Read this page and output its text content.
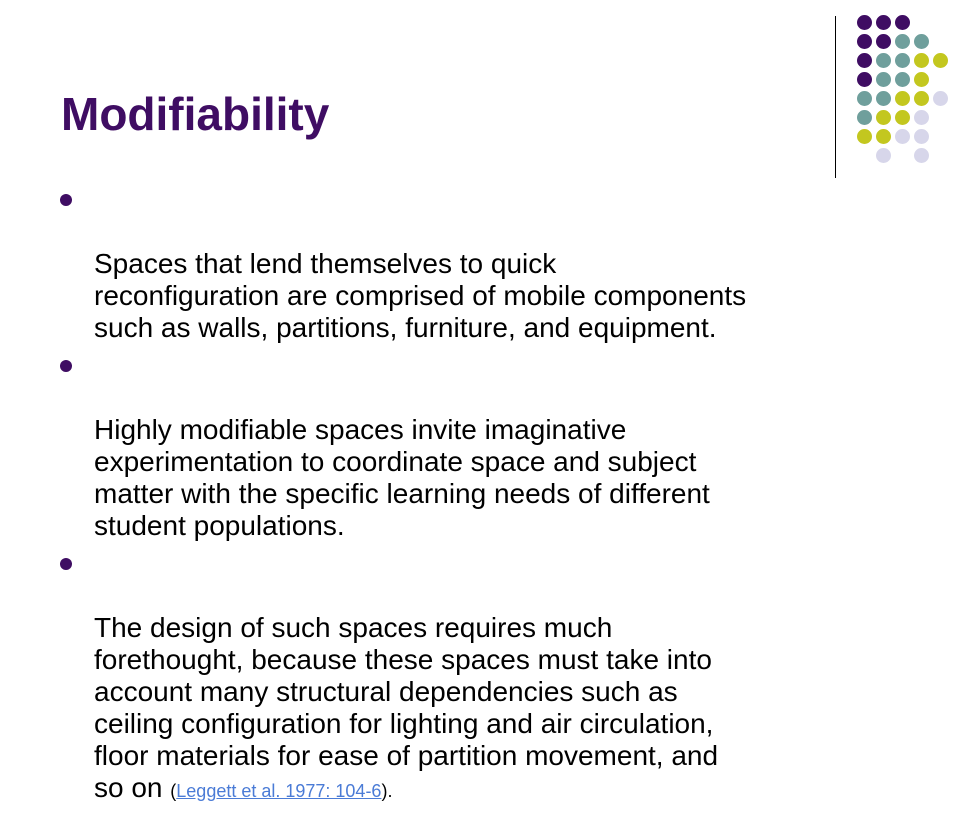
Modifiability

Spaces that lend themselves to quick
reconfiguration are comprised of mobile components
such as walls, partitions, furniture, and equipment.

Highly modifiable spaces invite imaginative
experimentation to coordinate space and subject
matter with the specific learning needs of different
student populations.

The design of such spaces requires much
forethought, because these spaces must take into
account many structural dependencies such as
ceiling configuration for lighting and air circulation,
floor materials for ease of partition movement, and
so on (Leggett et al. 1977: 104-6).
